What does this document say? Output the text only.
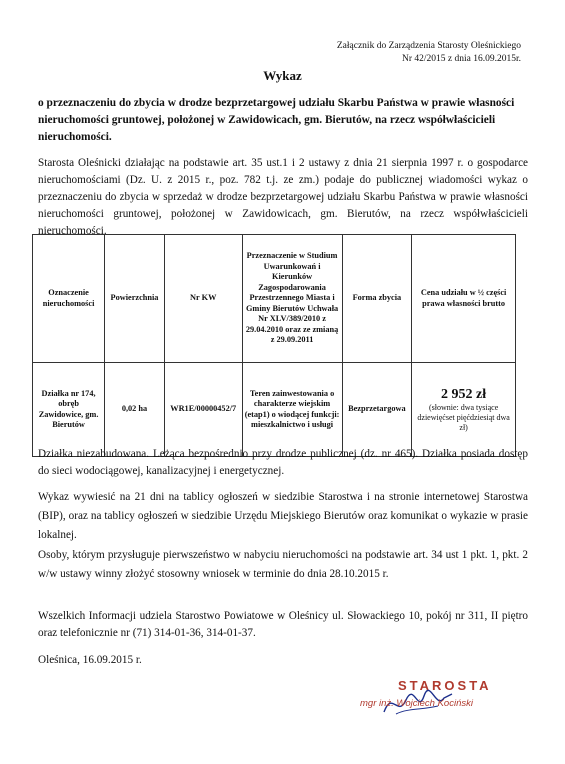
Załącznik do Zarządzenia Starosty Oleśnickiego
Nr 42/2015 z dnia 16.09.2015r.
Wykaz
o przeznaczeniu do zbycia w drodze bezprzetargowej udziału Skarbu Państwa w prawie własności nieruchomości gruntowej, położonej w Zawidowicach, gm. Bierutów, na rzecz współwłaścicieli nieruchomości.
Starosta Oleśnicki działając na podstawie art. 35 ust.1 i 2 ustawy z dnia 21 sierpnia 1997 r. o gospodarce nieruchomościami (Dz. U. z 2015 r., poz. 782 t.j. ze zm.) podaje do publicznej wiadomości wykaz o przeznaczeniu do zbycia w sprzedaż w drodze bezprzetargowej udziału Skarbu Państwa w prawie własności nieruchomości gruntowej, położonej w Zawidowicach, gm. Bierutów, na rzecz współwłaścicieli nieruchomości.
Oznaczenie nieruchomości	Powierzchnia	Nr KW	Przeznaczenie w Studium Uwarunkowań i Kierunków Zagospodarowania Przestrzennego Miasta i Gminy Bierutów Uchwała Nr XLV/389/2010 z 29.04.2010 oraz ze zmianą z 29.09.2011	Forma zbycia	Cena udziału w ½ części prawa własności brutto
Działka nr 174, obręb Zawidowice, gm. Bierutów	0,02 ha	WR1E/00000452/7	Teren zainwestowania o charakterze wiejskim (etap1) o wiodącej funkcji: mieszkalnictwo i usługi	Bezprzetargowa	2 952 zł
(słownie: dwa tysiące dziewięćset pięćdziesiąt dwa zł)
Działka niezabudowana. Leżąca bezpośrednio przy drodze publicznej (dz. nr 465). Działka posiada dostęp do sieci wodociągowej, kanalizacyjnej i energetycznej.
Wykaz wywiesić na 21 dni na tablicy ogłoszeń w siedzibie Starostwa i na stronie internetowej Starostwa (BIP), oraz na tablicy ogłoszeń w siedzibie Urzędu Miejskiego Bierutów oraz komunikat o wykazie w prasie lokalnej.
Osoby, którym przysługuje pierwszeństwo w nabyciu nieruchomości na podstawie art. 34 ust 1 pkt. 1, pkt. 2 w/w ustawy winny złożyć stosowny wniosek w terminie do dnia 28.10.2015 r.
Wszelkich Informacji udziela Starostwo Powiatowe w Oleśnicy ul. Słowackiego 10, pokój nr 311, II piętro oraz telefonicznie nr (71) 314-01-36, 314-01-37.
Oleśnica, 16.09.2015 r.
STAROSTA
mgr inż. Wojciech Kociński
